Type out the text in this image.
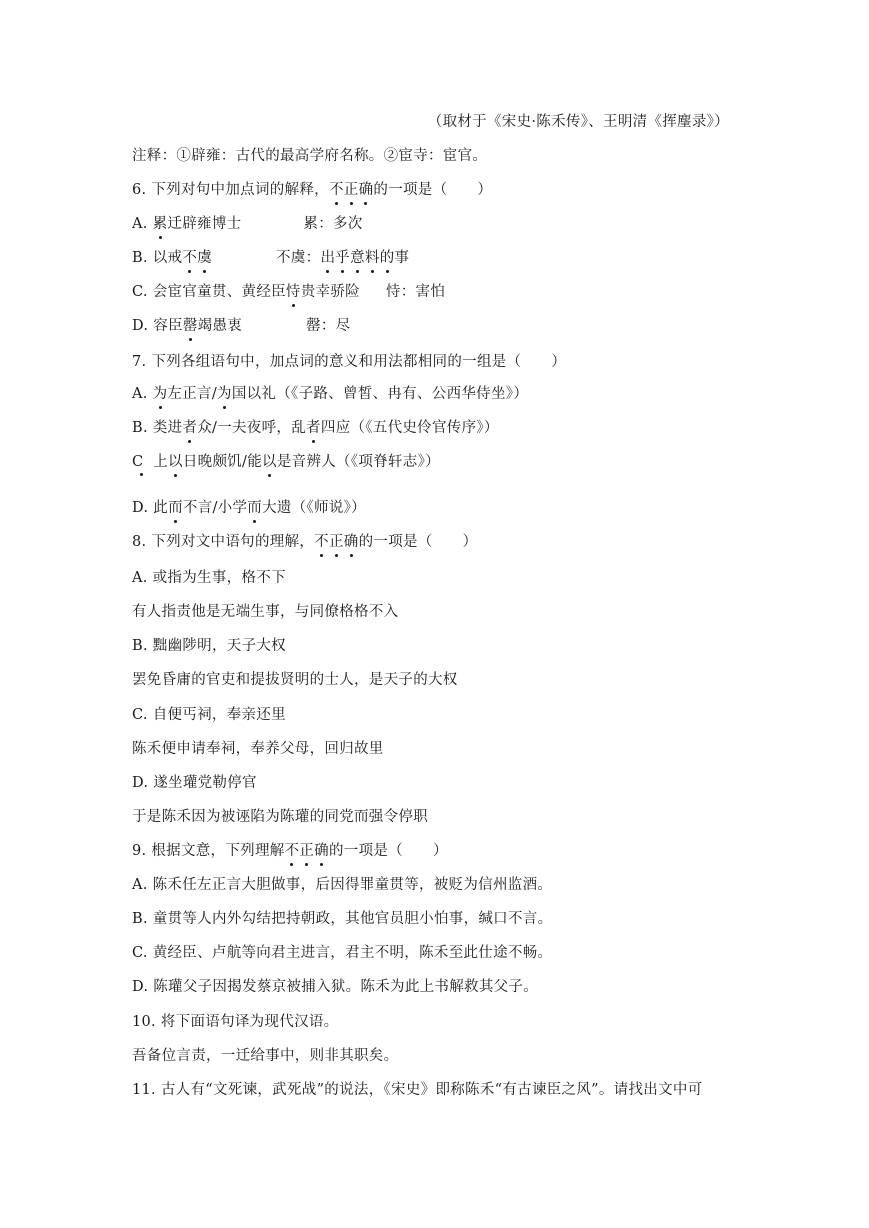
（取材于《宋史·陈禾传》、王明清《挥麈录》）
注释：①辟雍：古代的最高学府名称。②宦寺：宦官。
6. 下列对句中加点词的解释，不正确的一项是（ ）
A. 累迁辟雍博士	累：多次
B. 以戒不虞	不虞：出乎意料的事
C. 会宦官童贯、黄经臣恃贵幸骄险 恃：害怕
D. 容臣罄竭愚衷	罄：尽
7. 下列各组语句中，加点词的意义和用法都相同的一组是（ ）
A. 为左正言/为国以礼（《子路、曾皙、冉有、公西华侍坐》）
B. 类进者众/一夫夜呼，乱者四应（《五代史伶官传序》）
C 上以日晚颇饥/能以是音辨人（《项脊轩志》）
D. 此而不言/小学而大遗（《师说》）
8. 下列对文中语句的理解，不正确的一项是（ ）
A. 或指为生事，格不下
有人指责他是无端生事，与同僚格格不入
B. 黜幽陟明，天子大权
罢免昏庸的官吏和提拔贤明的士人，是天子的大权
C. 自便丐祠，奉亲还里
陈禾便申请奉祠，奉养父母，回归故里
D. 遂坐瓘党勒停官
于是陈禾因为被诬陷为陈瓘的同党而强令停职
9. 根据文意，下列理解不正确的一项是（ ）
A. 陈禾任左正言大胆做事，后因得罪童贯等，被贬为信州监酒。
B. 童贯等人内外勾结把持朝政，其他官员胆小怕事，缄口不言。
C. 黄经臣、卢航等向君主进言，君主不明，陈禾至此仕途不畅。
D. 陈瓘父子因揭发蔡京被捕入狱。陈禾为此上书解救其父子。
10. 将下面语句译为现代汉语。
吾备位言责，一迁给事中，则非其职矣。
11. 古人有“文死谏，武死战”的说法，《宋史》即称陈禾“有古谏臣之风”。请找出文中可
